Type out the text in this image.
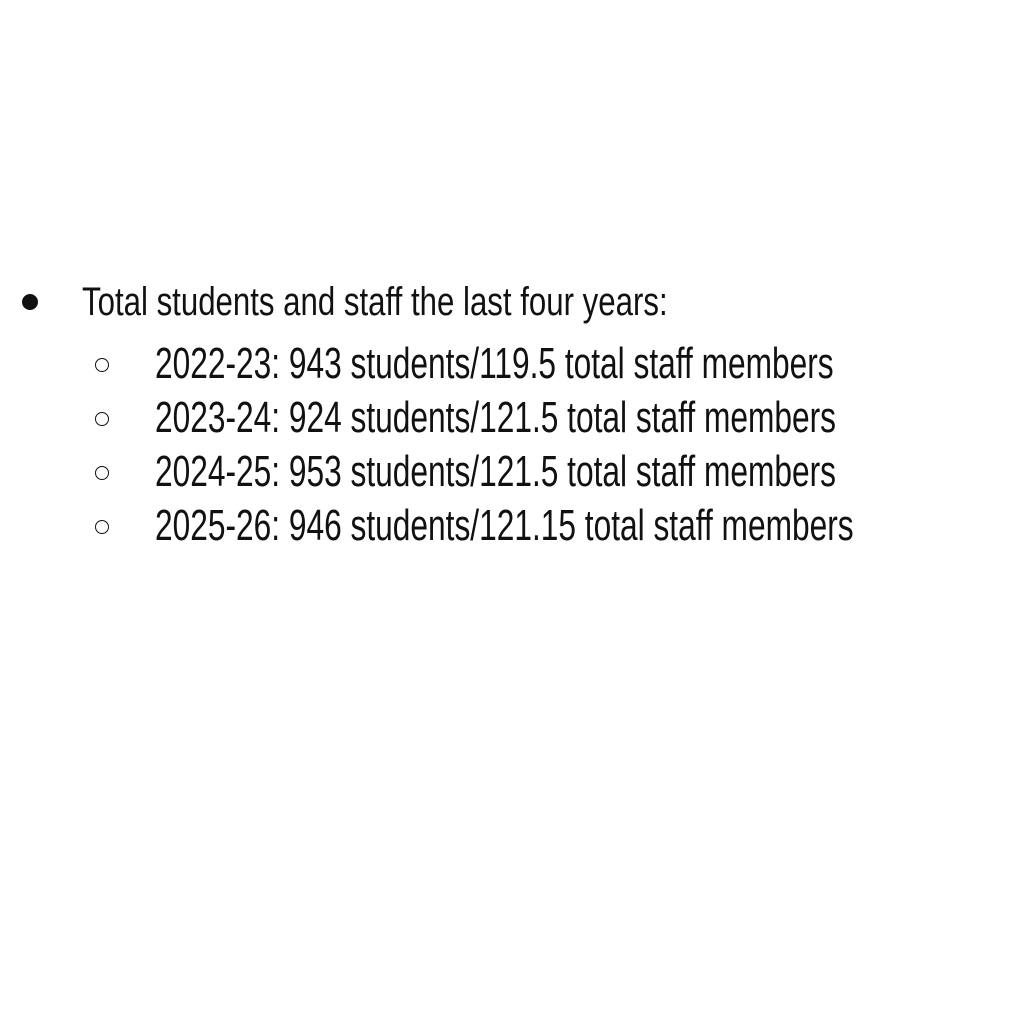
Total students and staff the last four years:
2022-23: 943 students/119.5 total staff members
2023-24: 924 students/121.5 total staff members
2024-25: 953 students/121.5 total staff members
2025-26: 946 students/121.15 total staff members
